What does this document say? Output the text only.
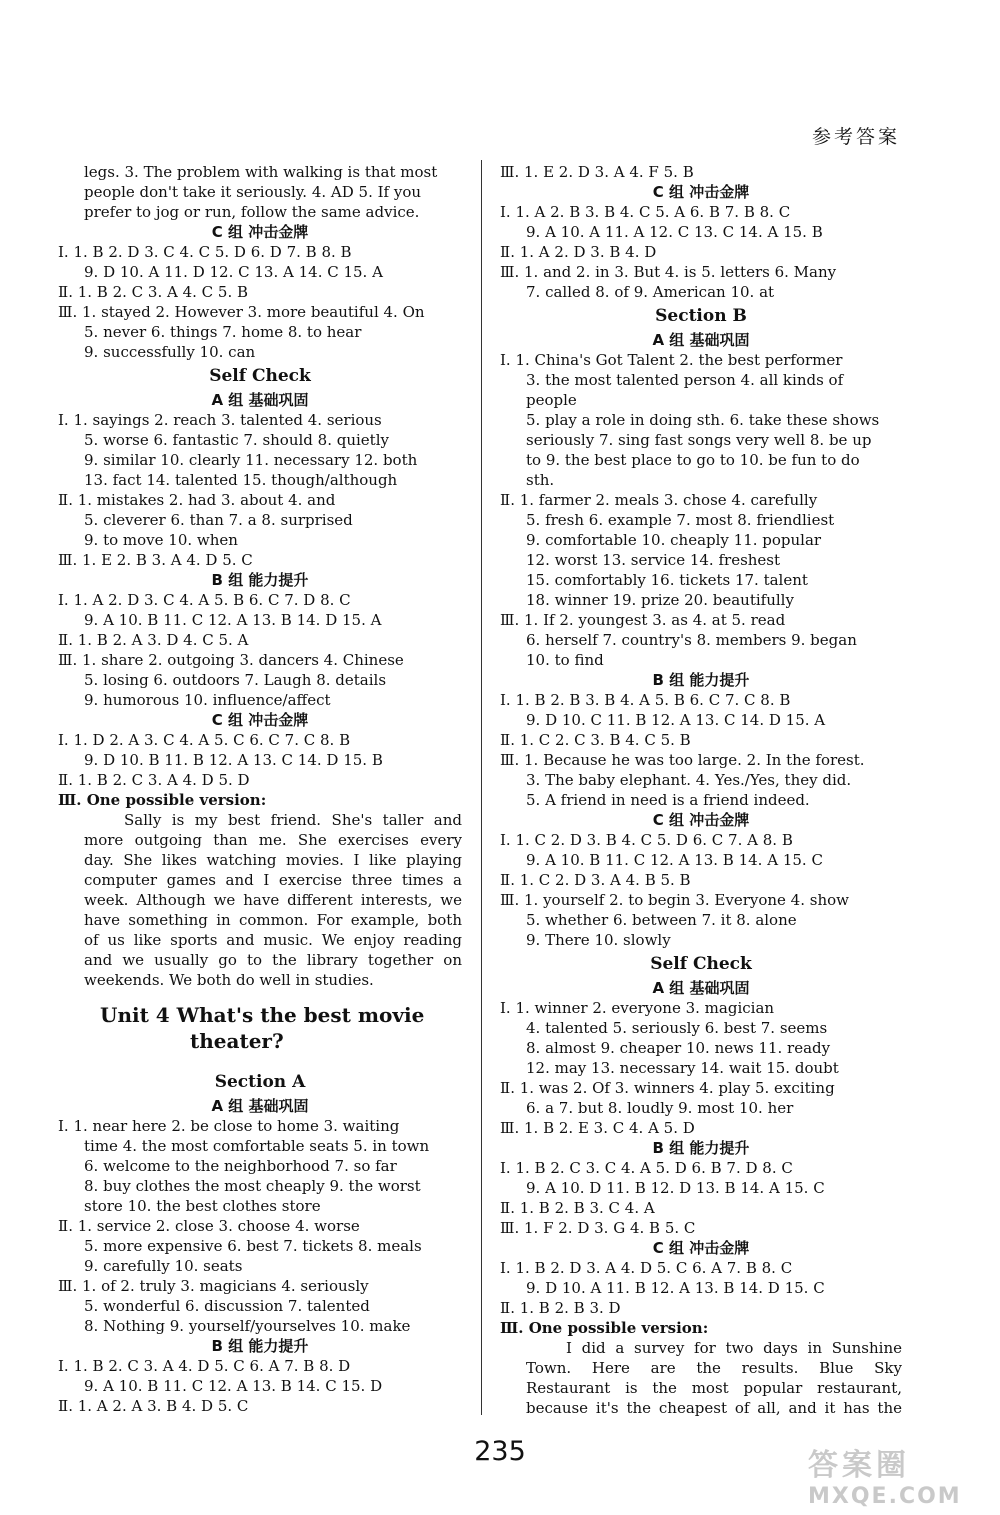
参考答案
legs. 3. The problem with walking is that most
people don't take it seriously. 4. AD 5. If you
prefer to jog or run, follow the same advice.
C 组 冲击金牌
Ⅰ. 1. B 2. D 3. C 4. C 5. D 6. D 7. B 8. B
9. D 10. A 11. D 12. C 13. A 14. C 15. A
Ⅱ. 1. B 2. C 3. A 4. C 5. B
Ⅲ. 1. stayed 2. However 3. more beautiful 4. On
5. never 6. things 7. home 8. to hear
9. successfully 10. can
Self Check
A 组 基础巩固
Ⅰ. 1. sayings 2. reach 3. talented 4. serious
5. worse 6. fantastic 7. should 8. quietly
9. similar 10. clearly 11. necessary 12. both
13. fact 14. talented 15. though/although
Ⅱ. 1. mistakes 2. had 3. about 4. and
5. cleverer 6. than 7. a 8. surprised
9. to move 10. when
Ⅲ. 1. E 2. B 3. A 4. D 5. C
B 组 能力提升
Ⅰ. 1. A 2. D 3. C 4. A 5. B 6. C 7. D 8. C
9. A 10. B 11. C 12. A 13. B 14. D 15. A
Ⅱ. 1. B 2. A 3. D 4. C 5. A
Ⅲ. 1. share 2. outgoing 3. dancers 4. Chinese
5. losing 6. outdoors 7. Laugh 8. details
9. humorous 10. influence/affect
C 组 冲击金牌
Ⅰ. 1. D 2. A 3. C 4. A 5. C 6. C 7. C 8. B
9. D 10. B 11. B 12. A 13. C 14. D 15. B
Ⅱ. 1. B 2. C 3. A 4. D 5. D
Ⅲ. One possible version:
Sally is my best friend. She's taller and
more outgoing than me. She exercises every
day. She likes watching movies. I like playing
computer games and I exercise three times a
week. Although we have different interests, we
have something in common. For example, both
of us like sports and music. We enjoy reading
and we usually go to the library together on
weekends. We both do well in studies.
Unit 4 What's the best movie
theater?
Section A
A 组 基础巩固
Ⅰ. 1. near here 2. be close to home 3. waiting
time 4. the most comfortable seats 5. in town
6. welcome to the neighborhood 7. so far
8. buy clothes the most cheaply 9. the worst
store 10. the best clothes store
Ⅱ. 1. service 2. close 3. choose 4. worse
5. more expensive 6. best 7. tickets 8. meals
9. carefully 10. seats
Ⅲ. 1. of 2. truly 3. magicians 4. seriously
5. wonderful 6. discussion 7. talented
8. Nothing 9. yourself/yourselves 10. make
B 组 能力提升
Ⅰ. 1. B 2. C 3. A 4. D 5. C 6. A 7. B 8. D
9. A 10. B 11. C 12. A 13. B 14. C 15. D
Ⅱ. 1. A 2. A 3. B 4. D 5. C
Ⅲ. 1. E 2. D 3. A 4. F 5. B
C 组 冲击金牌
Ⅰ. 1. A 2. B 3. B 4. C 5. A 6. B 7. B 8. C
9. A 10. A 11. A 12. C 13. C 14. A 15. B
Ⅱ. 1. A 2. D 3. B 4. D
Ⅲ. 1. and 2. in 3. But 4. is 5. letters 6. Many
7. called 8. of 9. American 10. at
Section B
A 组 基础巩固
Ⅰ. 1. China's Got Talent 2. the best performer
3. the most talented person 4. all kinds of
people
5. play a role in doing sth. 6. take these shows
seriously 7. sing fast songs very well 8. be up
to 9. the best place to go to 10. be fun to do
sth.
Ⅱ. 1. farmer 2. meals 3. chose 4. carefully
5. fresh 6. example 7. most 8. friendliest
9. comfortable 10. cheaply 11. popular
12. worst 13. service 14. freshest
15. comfortably 16. tickets 17. talent
18. winner 19. prize 20. beautifully
Ⅲ. 1. If 2. youngest 3. as 4. at 5. read
6. herself 7. country's 8. members 9. began
10. to find
B 组 能力提升
Ⅰ. 1. B 2. B 3. B 4. A 5. B 6. C 7. C 8. B
9. D 10. C 11. B 12. A 13. C 14. D 15. A
Ⅱ. 1. C 2. C 3. B 4. C 5. B
Ⅲ. 1. Because he was too large. 2. In the forest.
3. The baby elephant. 4. Yes./Yes, they did.
5. A friend in need is a friend indeed.
C 组 冲击金牌
Ⅰ. 1. C 2. D 3. B 4. C 5. D 6. C 7. A 8. B
9. A 10. B 11. C 12. A 13. B 14. A 15. C
Ⅱ. 1. C 2. D 3. A 4. B 5. B
Ⅲ. 1. yourself 2. to begin 3. Everyone 4. show
5. whether 6. between 7. it 8. alone
9. There 10. slowly
Self Check
A 组 基础巩固
Ⅰ. 1. winner 2. everyone 3. magician
4. talented 5. seriously 6. best 7. seems
8. almost 9. cheaper 10. news 11. ready
12. may 13. necessary 14. wait 15. doubt
Ⅱ. 1. was 2. Of 3. winners 4. play 5. exciting
6. a 7. but 8. loudly 9. most 10. her
Ⅲ. 1. B 2. E 3. C 4. A 5. D
B 组 能力提升
Ⅰ. 1. B 2. C 3. C 4. A 5. D 6. B 7. D 8. C
9. A 10. D 11. B 12. D 13. B 14. A 15. C
Ⅱ. 1. B 2. B 3. C 4. A
Ⅲ. 1. F 2. D 3. G 4. B 5. C
C 组 冲击金牌
Ⅰ. 1. B 2. D 3. A 4. D 5. C 6. A 7. B 8. C
9. D 10. A 11. B 12. A 13. B 14. D 15. C
Ⅱ. 1. B 2. B 3. D
Ⅲ. One possible version:
I did a survey for two days in Sunshine
Town. Here are the results. Blue Sky
Restaurant is the most popular restaurant,
because it's the cheapest of all, and it has the
235	答案圈
MXQE.COM
